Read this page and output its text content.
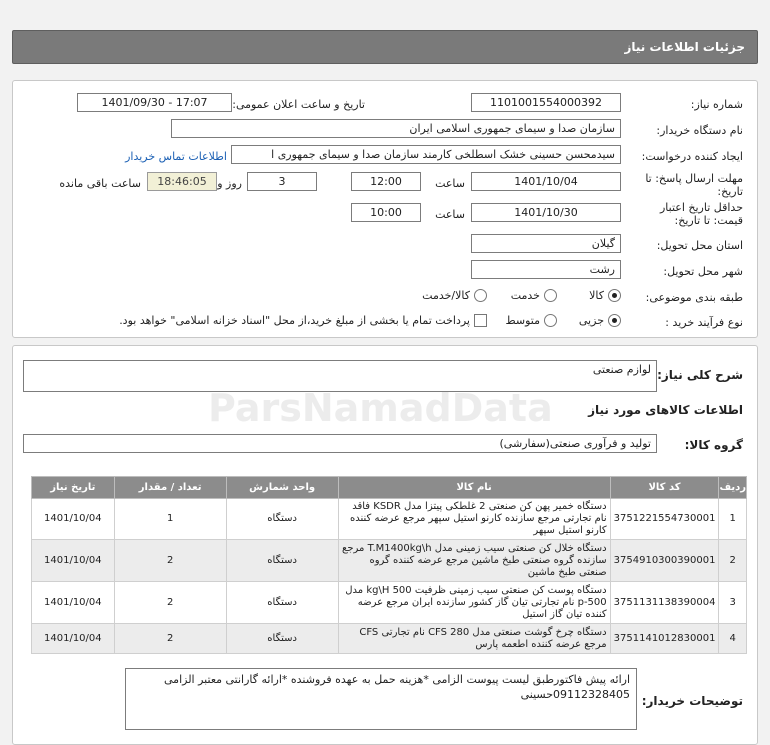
جزئیات اطلاعات نیاز
شماره نیاز:
1101001554000392
تاریخ و ساعت اعلان عمومی:
1401/09/30 - 17:07
نام دستگاه خریدار:
سازمان صدا و سیمای جمهوری اسلامی ایران
ایجاد کننده درخواست:
سیدمحسن حسینی خشک اسطلخی کارمند سازمان صدا و سیمای جمهوری ا
اطلاعات تماس خریدار
مهلت ارسال پاسخ: تا
تاریخ:
1401/10/04
ساعت
12:00
3
روز و
18:46:05
ساعت باقی مانده
حداقل تاریخ اعتبار
قیمت: تا تاریخ:
1401/10/30
ساعت
10:00
استان محل تحویل:
گیلان
شهر محل تحویل:
رشت
طبقه بندی موضوعی:
کالا
خدمت
کالا/خدمت
نوع فرآیند خرید :
جزیی
متوسط
پرداخت تمام یا بخشی از مبلغ خرید،از محل "اسناد خزانه اسلامی" خواهد بود.
شرح کلی نیاز:
لوازم صنعتی
اطلاعات کالاهای مورد نیاز
گروه کالا:
تولید و فرآوری صنعتی(سفارشی)
ردیف	کد کالا	نام کالا	واحد شمارش	تعداد / مقدار	تاریخ نیاز
1	3751221554730001	دستگاه خمیر پهن کن صنعتی 2 غلطکی پیتزا مدل KSDR فاقد نام تجارتی مرجع سازنده کارنو استیل سپهر مرجع عرضه کننده کارنو استیل سپهر	دستگاه	1	1401/10/04
2	3754910300390001	دستگاه خلال کن صنعتی سیب زمینی مدل T.M1400kg\h مرجع سازنده گروه صنعتی طبخ ماشین مرجع عرضه کننده گروه صنعتی طبخ ماشین	دستگاه	2	1401/10/04
3	3751131138390004	دستگاه پوست کن صنعتی سیب زمینی ظرفیت 500 kg\H مدل p-500 نام تجارتی تیان گاز کشور سازنده ایران مرجع عرضه کننده تیان گاز استیل	دستگاه	2	1401/10/04
4	3751141012830001	دستگاه چرخ گوشت صنعتی مدل CFS 280 نام تجارتی CFS مرجع عرضه کننده اطعمه پارس	دستگاه	2	1401/10/04
توضیحات خریدار:
ارائه پیش فاکتورطبق لیست پیوست الزامی *هزینه حمل به عهده فروشنده *ارائه گارانتی معتبر الزامی 09112328405حسینی
ParsNamadData
